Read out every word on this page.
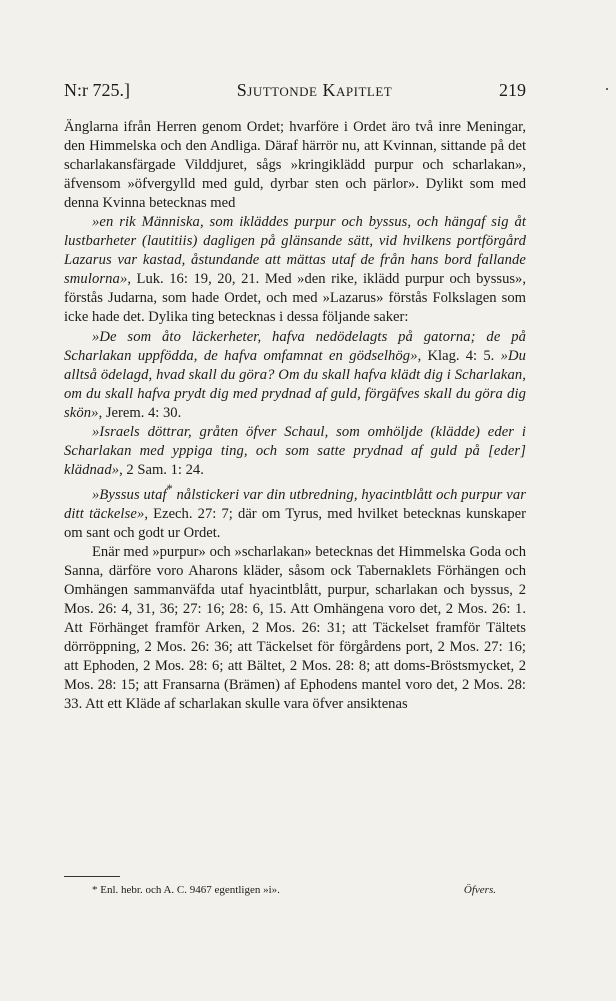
N:r 725.]	Sjuttonde Kapitlet	219

Änglarna ifrån Herren genom Ordet; hvarföre i Ordet äro två inre Meningar, den Himmelska och den Andliga. Däraf härrör nu, att Kvinnan, sittande på det scharlakansfärgade Vilddjuret, sågs »kringiklädd purpur och scharlakan», äfvensom »öfvergylld med guld, dyrbar sten och pärlor». Dylikt som med denna Kvinna betecknas med

»en rik Människa, som ikläddes purpur och byssus, och hängaf sig åt lustbarheter (lautitiis) dagligen på glänsande sätt, vid hvilkens portförgård Lazarus var kastad, åstundande att mättas utaf de från hans bord fallande smulorna», Luk. 16: 19, 20, 21. Med »den rike, iklädd purpur och byssus», förstås Judarna, som hade Ordet, och med »Lazarus» förstås Folkslagen som icke hade det. Dylika ting betecknas i dessa följande saker:

»De som åto läckerheter, hafva nedödelagts på gatorna; de på Scharlakan uppfödda, de hafva omfamnat en gödselhög», Klag. 4: 5. »Du alltså ödelagd, hvad skall du göra? Om du skall hafva klädt dig i Scharlakan, om du skall hafva prydt dig med prydnad af guld, förgäfves skall du göra dig skön», Jerem. 4: 30.

»Israels döttrar, gråten öfver Schaul, som omhöljde (klädde) eder i Scharlakan med yppiga ting, och som satte prydnad af guld på [eder] klädnad», 2 Sam. 1: 24.

»Byssus utaf* nålstickeri var din utbredning, hyacintblått och purpur var ditt täckelse», Ezech. 27: 7; där om Tyrus, med hvilket betecknas kunskaper om sant och godt ur Ordet.

Enär med »purpur» och »scharlakan» betecknas det Himmelska Goda och Sanna, därföre voro Aharons kläder, såsom ock Tabernaklets Förhängen och Omhängen sammanväfda utaf hyacintblått, purpur, scharlakan och byssus, 2 Mos. 26: 4, 31, 36; 27: 16; 28: 6, 15. Att Omhängena voro det, 2 Mos. 26: 1. Att Förhänget framför Arken, 2 Mos. 26: 31; att Täckelset framför Tältets dörröppning, 2 Mos. 26: 36; att Täckelset för förgårdens port, 2 Mos. 27: 16; att Ephoden, 2 Mos. 28: 6; att Bältet, 2 Mos. 28: 8; att doms-Bröstsmycket, 2 Mos. 28: 15; att Fransarna (Brämen) af Ephodens mantel voro det, 2 Mos. 28: 33. Att ett Kläde af scharlakan skulle vara öfver ansiktenas

* Enl. hebr. och A. C. 9467 egentligen »i».	Öfvers.
